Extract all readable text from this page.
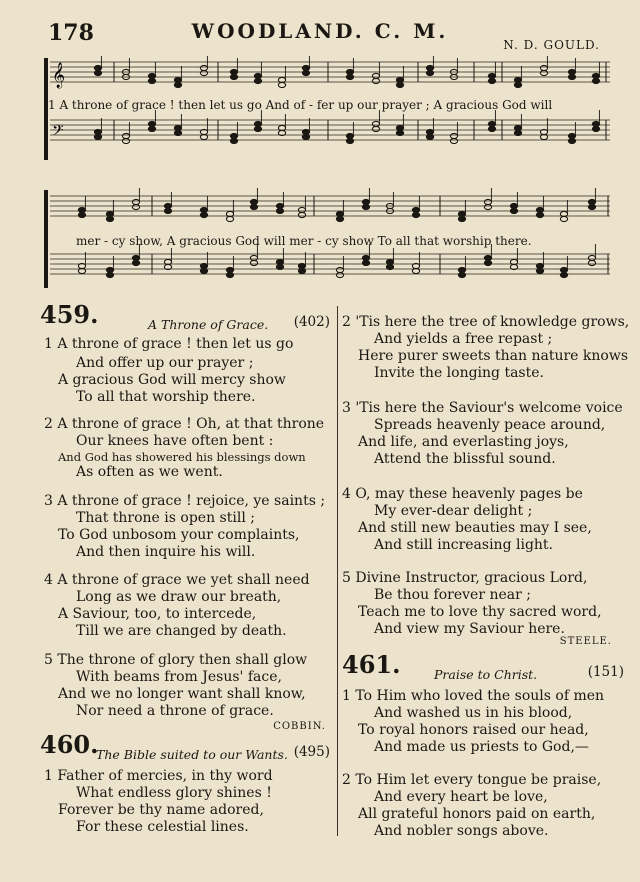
178	WOODLAND. C. M.
N. D. GOULD.
𝄞
𝄢
1 A throne of grace ! then let us go And of - fer up our prayer ; A gracious God will
mer - cy show, A gracious God will mer - cy show To all that worship there.
459.	A Throne of Grace. (402)
1 A throne of grace ! then let us go
And offer up our prayer ;
A gracious God will mercy show
To all that worship there.
2 A throne of grace ! Oh, at that throne
Our knees have often bent :
And God has showered his blessings down
As often as we went.
3 A throne of grace ! rejoice, ye saints ;
That throne is open still ;
To God unbosom your complaints,
And then inquire his will.
4 A throne of grace we yet shall need
Long as we draw our breath,
A Saviour, too, to intercede,
Till we are changed by death.
5 The throne of glory then shall glow
With beams from Jesus' face,
And we no longer want shall know,
Nor need a throne of grace.
COBBIN.
460.
The Bible suited to our Wants. (495)
1 Father of mercies, in thy word
What endless glory shines !
Forever be thy name adored,
For these celestial lines.
2 'Tis here the tree of knowledge grows,
And yields a free repast ;
Here purer sweets than nature knows
Invite the longing taste.
3 'Tis here the Saviour's welcome voice
Spreads heavenly peace around,
And life, and everlasting joys,
Attend the blissful sound.
4 O, may these heavenly pages be
My ever-dear delight ;
And still new beauties may I see,
And still increasing light.
5 Divine Instructor, gracious Lord,
Be thou forever near ;
Teach me to love thy sacred word,
And view my Saviour here.
STEELE.
461.	Praise to Christ.	(151)
1 To Him who loved the souls of men
And washed us in his blood,
To royal honors raised our head,
And made us priests to God,—
2 To Him let every tongue be praise,
And every heart be love,
All grateful honors paid on earth,
And nobler songs above.
